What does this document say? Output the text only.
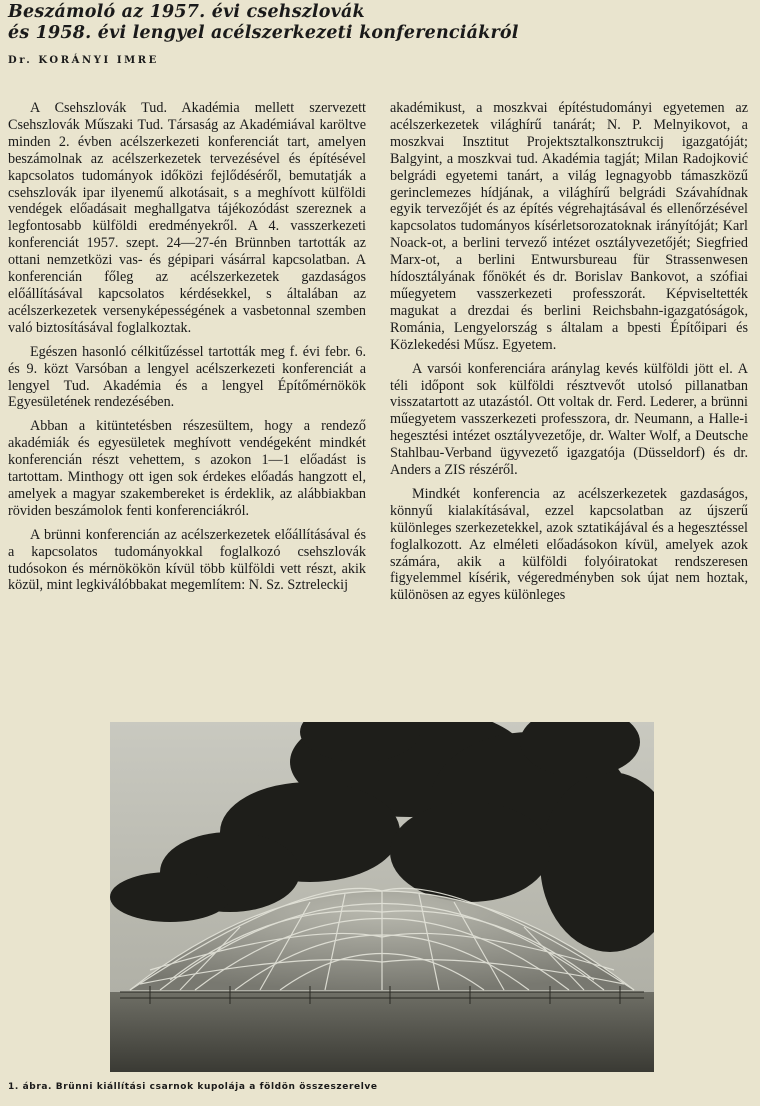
Beszámoló az 1957. évi csehszlovák
és 1958. évi lengyel acélszerkezeti konferenciákról
Dr. KORÁNYI IMRE

A Csehszlovák Tud. Akadémia mellett szervezett Csehszlovák Műszaki Tud. Társaság az Akadémiával karöltve minden 2. évben acélszerkezeti konferenciát tart, amelyen beszámolnak az acélszerkezetek tervezésével és építésével kapcsolatos tudományok időközi fejlődéséről, bemutatják a csehszlovák ipar ilyenemű alkotásait, s a meghívott külföldi vendégek előadásait meghallgatva tájékozódást szereznek a legfontosabb külföldi eredményekről. A 4. vasszerkezeti konferenciát 1957. szept. 24—27-én Brünnben tartották az ottani nemzetközi vas- és gépipari vásárral kapcsolatban. A konferencián főleg az acélszerkezetek gazdaságos előállításával kapcsolatos kérdésekkel, s általában az acélszerkezetek versenyképességének a vasbetonnal szemben való biztosításával foglalkoztak.

Egészen hasonló célkitűzéssel tartották meg f. évi febr. 6. és 9. közt Varsóban a lengyel acélszerkezeti konferenciát a lengyel Tud. Akadémia és a lengyel Építőmérnökök Egyesületének rendezésében.

Abban a kitüntetésben részesültem, hogy a rendező akadémiák és egyesületek meghívott vendégeként mindkét konferencián részt vehettem, s azokon 1—1 előadást is tartottam. Minthogy ott igen sok érdekes előadás hangzott el, amelyek a magyar szakembereket is érdeklik, az alábbiakban röviden beszámolok fenti konferenciákról.

A brünni konferencián az acélszerkezetek előállításával és a kapcsolatos tudományokkal foglalkozó csehszlovák tudósokon és mérnökökön kívül több külföldi vett részt, akik közül, mint legkiválóbbakat megemlítem: N. Sz. Sztreleckij

akadémikust, a moszkvai építéstudományi egyetemen az acélszerkezetek világhírű tanárát; N. P. Melnyikovot, a moszkvai Insztitut Projektsztalkonsztrukcij igazgatóját; Balgyint, a moszkvai tud. Akadémia tagját; Milan Radojković belgrádi egyetemi tanárt, a világ legnagyobb támaszközű gerinclemezes hídjának, a világhírű belgrádi Szávahídnak egyik tervezőjét és az építés végrehajtásával és ellenőrzésével kapcsolatos tudományos kísérletsorozatoknak irányítóját; Karl Noack-ot, a berlini tervező intézet osztályvezetőjét; Siegfried Marx-ot, a berlini Entwursbureau für Strassenwesen hídosztályának főnökét és dr. Borislav Bankovot, a szófiai műegyetem vasszerkezeti professzorát. Képviseltették magukat a drezdai és berlini Reichsbahn-igazgatóságok, Románia, Lengyelország s általam a bpesti Építőipari és Közlekedési Műsz. Egyetem.

A varsói konferenciára aránylag kevés külföldi jött el. A téli időpont sok külföldi résztvevőt utolsó pillanatban visszatartott az utazástól. Ott voltak dr. Ferd. Lederer, a brünni műegyetem vasszerkezeti professzora, dr. Neumann, a Halle-i hegesztési intézet osztályvezetője, dr. Walter Wolf, a Deutsche Stahlbau-Verband ügyvezető igazgatója (Düsseldorf) és dr. Anders a ZIS részéről.

Mindkét konferencia az acélszerkezetek gazdaságos, könnyű kialakításával, ezzel kapcsolatban az újszerű különleges szerkezetekkel, azok sztatikájával és a hegesztéssel foglalkozott. Az elméleti előadásokon kívül, amelyek azok számára, akik a külföldi folyóiratokat rendszeresen figyelemmel kísérik, végeredményben sok újat nem hoztak, különösen az egyes különleges

1. ábra. Brünni kiállítási csarnok kupolája a földön összeszerelve
